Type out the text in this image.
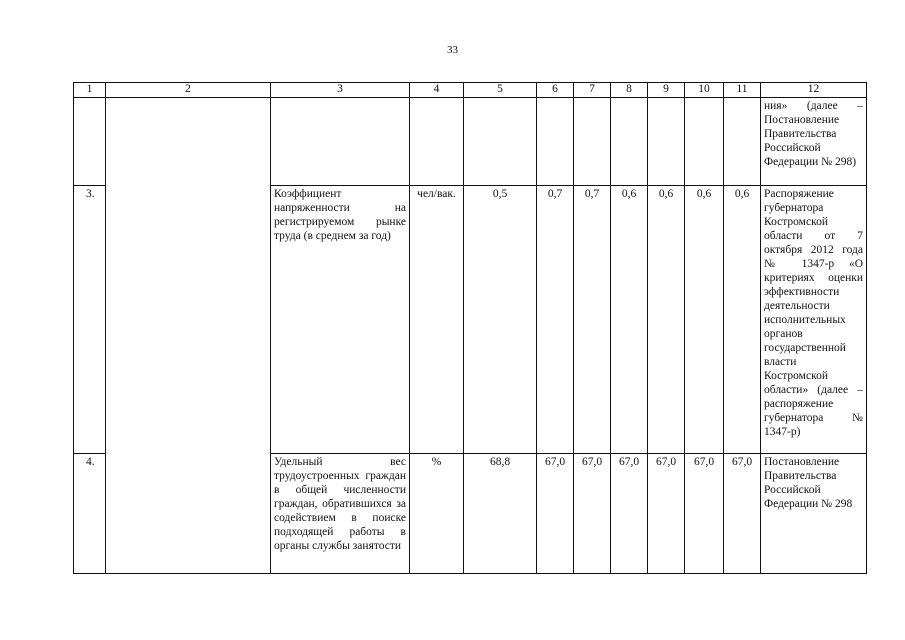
33
1	2	3	4	5	6	7	8	9	10	11	12
											ния» (далее – Постановление Правительства Российской Федерации № 298)
3.		Коэффициент напряженности на регистрируемом рынке труда (в среднем за год)	чел/вак.	0,5	0,7	0,7	0,6	0,6	0,6	0,6	Распоряжение губернатора Костромской области от 7 октября 2012 года № 1347-р «О критериях оценки эффективности деятельности исполнительных органов государственной власти Костромской области» (далее – распоряжение губернатора № 1347-р)
4.		Удельный вес трудоустроенных граждан в общей численности граждан, обратившихся за содействием в поиске подходящей работы в органы службы занятости	%	68,8	67,0	67,0	67,0	67,0	67,0	67,0	Постановление Правительства Российской Федерации № 298
